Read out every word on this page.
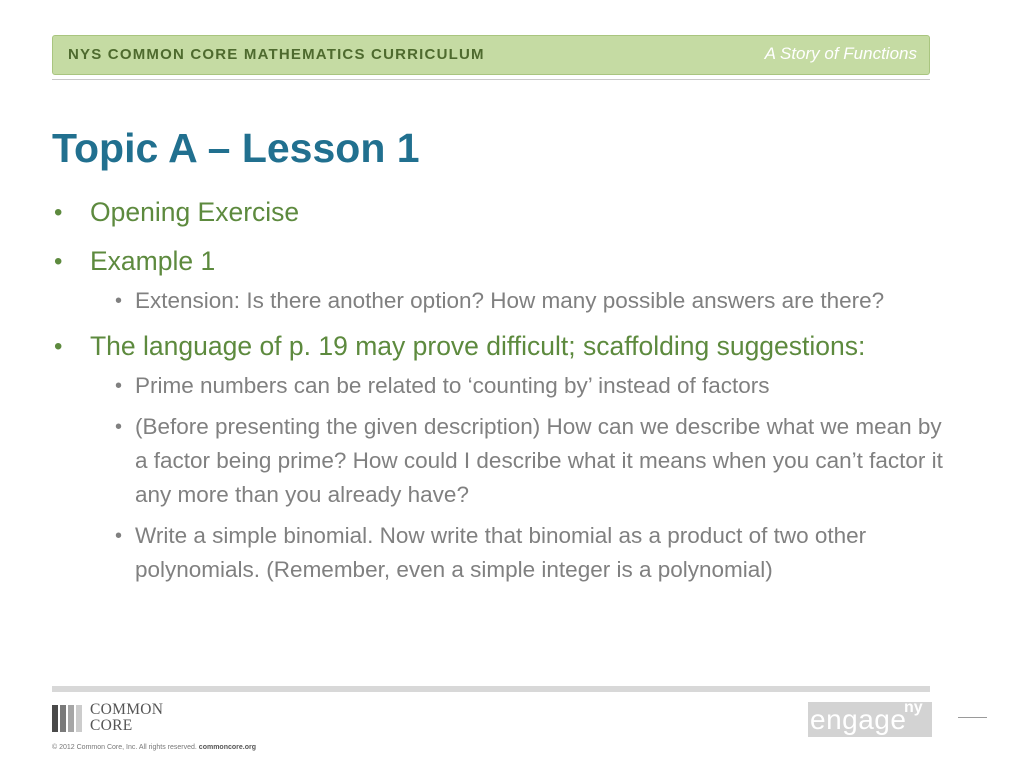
NYS COMMON CORE MATHEMATICS CURRICULUM	A Story of Functions
Topic A – Lesson 1
• Opening Exercise
• Example 1
• Extension: Is there another option? How many possible answers are there?
• The language of p. 19 may prove difficult; scaffolding suggestions:
• Prime numbers can be related to ‘counting by’ instead of factors
• (Before presenting the given description) How can we describe what we mean by a factor being prime? How could I describe what it means when you can’t factor it any more than you already have?
• Write a simple binomial. Now write that binomial as a product of two other polynomials. (Remember, even a simple integer is a polynomial)
COMMON
CORE
© 2012 Common Core, Inc. All rights reserved. commoncore.org
engage
ny
